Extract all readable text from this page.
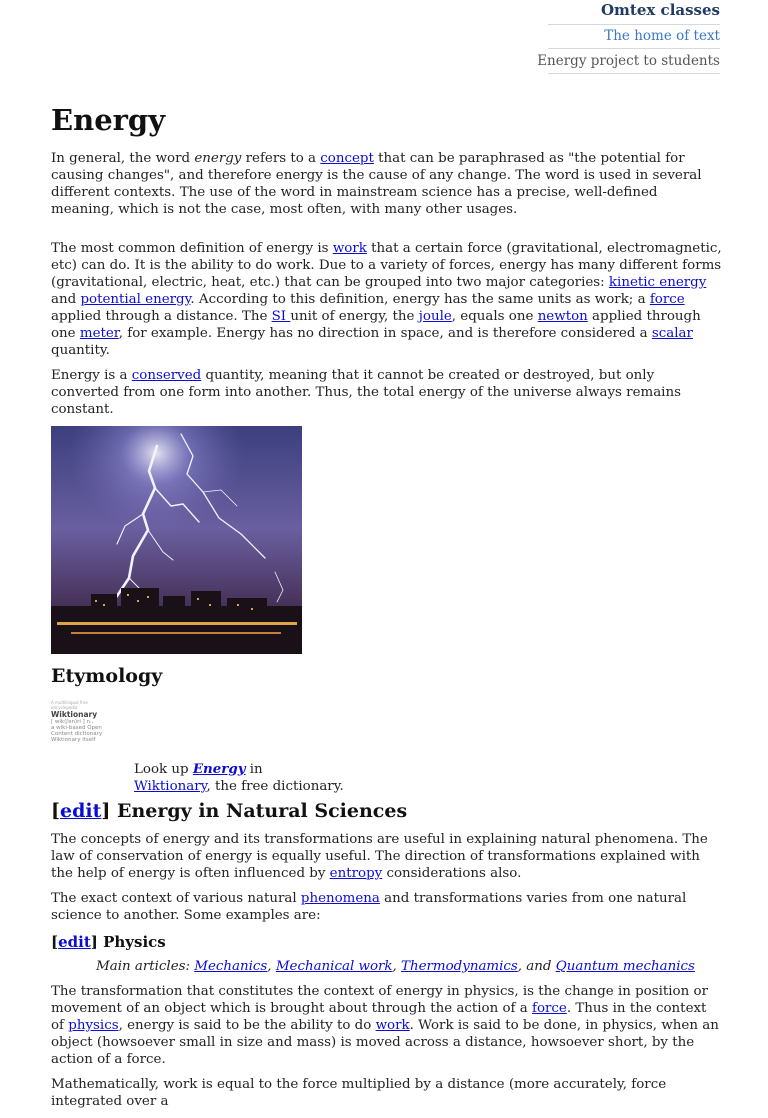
Omtex classes
The home of text
Energy project to students
Energy

In general, the word energy refers to a concept that can be paraphrased as "the potential for causing changes", and therefore energy is the cause of any change. The word is used in several different contexts. The use of the word in mainstream science has a precise, well-defined meaning, which is not the case, most often, with many other usages.

The most common definition of energy is work that a certain force (gravitational, electromagnetic, etc) can do. It is the ability to do work. Due to a variety of forces, energy has many different forms (gravitational, electric, heat, etc.) that can be grouped into two major categories: kinetic energy and potential energy. According to this definition, energy has the same units as work; a force applied through a distance. The SI unit of energy, the joule, equals one newton applied through one meter, for example. Energy has no direction in space, and is therefore considered a scalar quantity.

Energy is a conserved quantity, meaning that it cannot be created or destroyed, but only converted from one form into another. Thus, the total energy of the universe always remains constant.

Etymology
A multilingual free encyclopedia
Wiktionary
[ wik(ʃən)ri ] n.,
a wiki-based Open
Content dictionary
Wiktionary itself
Look up Energy in
Wiktionary, the free dictionary.
[edit] Energy in Natural Sciences

The concepts of energy and its transformations are useful in explaining natural phenomena. The law of conservation of energy is equally useful. The direction of transformations explained with the help of energy is often influenced by entropy considerations also.

The exact context of various natural phenomena and transformations varies from one natural science to another. Some examples are:

[edit] Physics
Main articles: Mechanics, Mechanical work, Thermodynamics, and Quantum mechanics

The transformation that constitutes the context of energy in physics, is the change in position or movement of an object which is brought about through the action of a force. Thus in the context of physics, energy is said to be the ability to do work. Work is said to be done, in physics, when an object (howsoever small in size and mass) is moved across a distance, howsoever short, by the action of a force.

Mathematically, work is equal to the force multiplied by a distance (more accurately, force integrated over a
